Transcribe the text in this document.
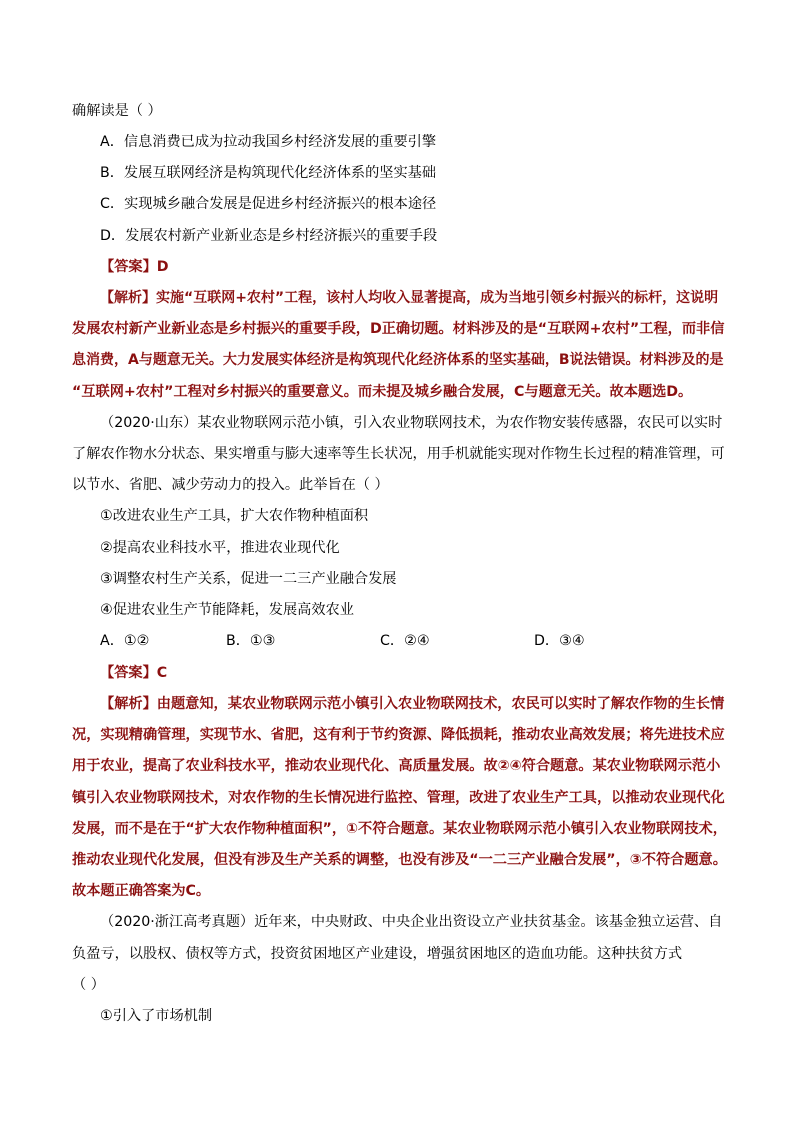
确解读是（ ）
A．信息消费已成为拉动我国乡村经济发展的重要引擎
B．发展互联网经济是构筑现代化经济体系的坚实基础
C．实现城乡融合发展是促进乡村经济振兴的根本途径
D．发展农村新产业新业态是乡村经济振兴的重要手段
【答案】D
【解析】实施“互联网+农村”工程，该村人均收入显著提高，成为当地引领乡村振兴的标杆，这说明
发展农村新产业新业态是乡村振兴的重要手段，D正确切题。材料涉及的是“互联网+农村”工程，而非信
息消费，A与题意无关。大力发展实体经济是构筑现代化经济体系的坚实基础，B说法错误。材料涉及的是
“互联网+农村”工程对乡村振兴的重要意义。而未提及城乡融合发展，C与题意无关。故本题选D。
（2020·山东）某农业物联网示范小镇，引入农业物联网技术，为农作物安装传感器，农民可以实时
了解农作物水分状态、果实增重与膨大速率等生长状况，用手机就能实现对作物生长过程的精准管理，可
以节水、省肥、减少劳动力的投入。此举旨在（ ）
①改进农业生产工具，扩大农作物种植面积
②提高农业科技水平，推进农业现代化
③调整农村生产关系，促进一二三产业融合发展
④促进农业生产节能降耗，发展高效农业
A．①②	B．①③	C．②④	D．③④
【答案】C
【解析】由题意知，某农业物联网示范小镇引入农业物联网技术，农民可以实时了解农作物的生长情
况，实现精确管理，实现节水、省肥，这有利于节约资源、降低损耗，推动农业高效发展；将先进技术应
用于农业，提高了农业科技水平，推动农业现代化、高质量发展。故②④符合题意。某农业物联网示范小
镇引入农业物联网技术，对农作物的生长情况进行监控、管理，改进了农业生产工具，以推动农业现代化
发展，而不是在于“扩大农作物种植面积”，①不符合题意。某农业物联网示范小镇引入农业物联网技术，
推动农业现代化发展，但没有涉及生产关系的调整，也没有涉及“一二三产业融合发展”，③不符合题意。
故本题正确答案为C。
（2020·浙江高考真题）近年来，中央财政、中央企业出资设立产业扶贫基金。该基金独立运营、自
负盈亏，以股权、债权等方式，投资贫困地区产业建设，增强贫困地区的造血功能。这种扶贫方式
（ ）
①引入了市场机制
